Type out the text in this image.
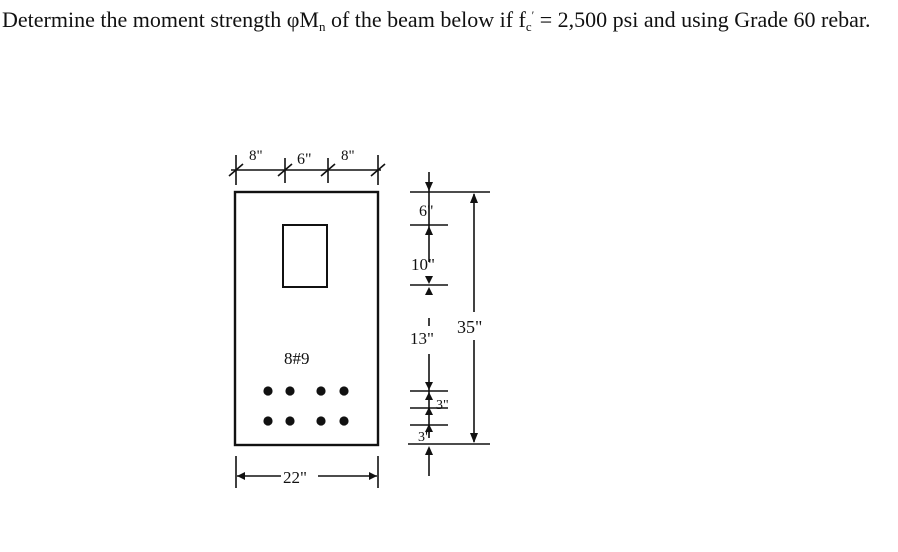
Determine the moment strength $\varphi M_n$ of the beam below if $f_c' = 2,500$ psi and using Grade 60 rebar.
8" 6" 8"
22"
8#9
6"
10"
13"
3"
3"
35"
